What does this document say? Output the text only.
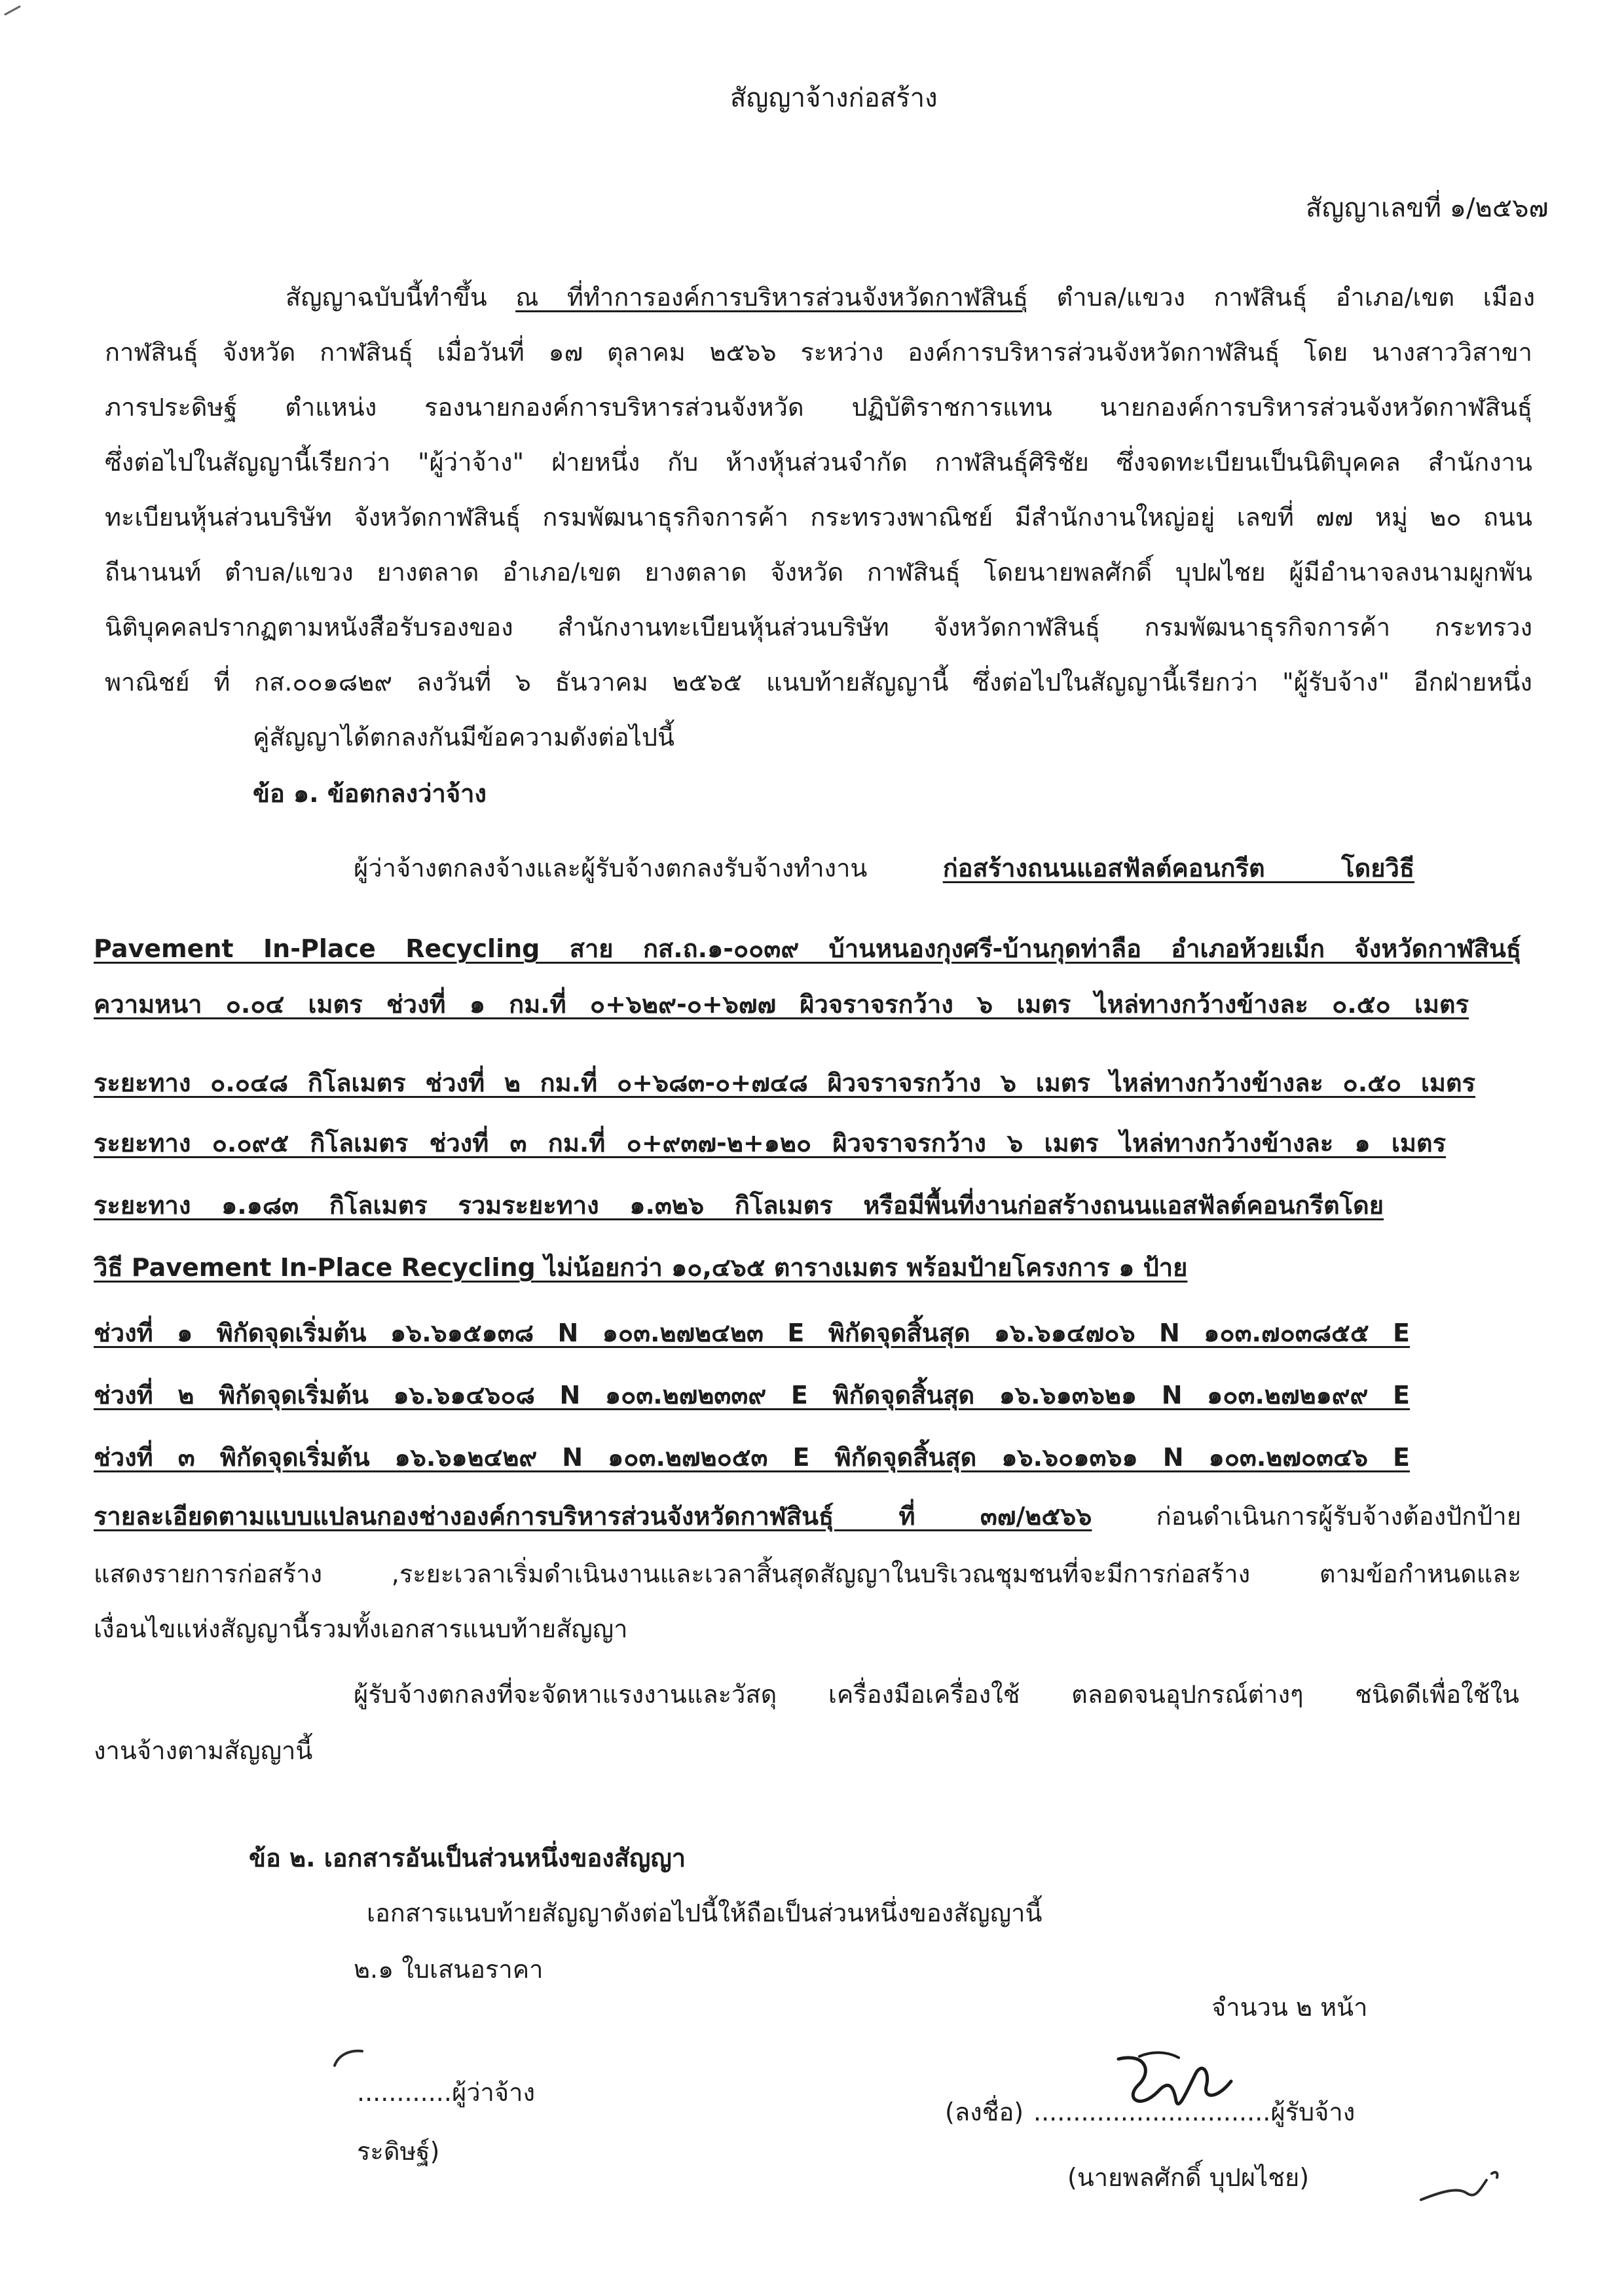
สัญญาจ้างก่อสร้าง
สัญญาเลขที่ ๑/๒๕๖๗
สัญญาฉบับนี้ทำขึ้น ณ ที่ทำการองค์การบริหารส่วนจังหวัดกาฬสินธุ์ ตำบล/แขวง กาฬสินธุ์ อำเภอ/เขต เมือง
กาฬสินธุ์ จังหวัด กาฬสินธุ์ เมื่อวันที่ ๑๗ ตุลาคม ๒๕๖๖ ระหว่าง องค์การบริหารส่วนจังหวัดกาฬสินธุ์ โดย นางสาววิสาขา
ภารประดิษฐ์ ตำแหน่ง รองนายกองค์การบริหารส่วนจังหวัด ปฏิบัติราชการแทน นายกองค์การบริหารส่วนจังหวัดกาฬสินธุ์
ซึ่งต่อไปในสัญญานี้เรียกว่า "ผู้ว่าจ้าง" ฝ่ายหนึ่ง กับ ห้างหุ้นส่วนจำกัด กาฬสินธุ์ศิริชัย ซึ่งจดทะเบียนเป็นนิติบุคคล สำนักงาน
ทะเบียนหุ้นส่วนบริษัท จังหวัดกาฬสินธุ์ กรมพัฒนาธุรกิจการค้า กระทรวงพาณิชย์ มีสำนักงานใหญ่อยู่ เลขที่ ๗๗ หมู่ ๒๐ ถนน
ถีนานนท์ ตำบล/แขวง ยางตลาด อำเภอ/เขต ยางตลาด จังหวัด กาฬสินธุ์ โดยนายพลศักดิ์ บุปผไชย ผู้มีอำนาจลงนามผูกพัน
นิติบุคคลปรากฏตามหนังสือรับรองของ สำนักงานทะเบียนหุ้นส่วนบริษัท จังหวัดกาฬสินธุ์ กรมพัฒนาธุรกิจการค้า กระทรวง
พาณิชย์ ที่ กส.๐๐๑๘๒๙ ลงวันที่ ๖ ธันวาคม ๒๕๖๕ แนบท้ายสัญญานี้ ซึ่งต่อไปในสัญญานี้เรียกว่า "ผู้รับจ้าง" อีกฝ่ายหนึ่ง
คู่สัญญาได้ตกลงกันมีข้อความดังต่อไปนี้
ข้อ ๑. ข้อตกลงว่าจ้าง
ผู้ว่าจ้างตกลงจ้างและผู้รับจ้างตกลงรับจ้างทำงาน ก่อสร้างถนนแอสฟัลต์คอนกรีต โดยวิธี
Pavement In-Place Recycling สาย กส.ถ.๑-๐๐๓๙ บ้านหนองกุงศรี-บ้านกุดท่าลือ อำเภอห้วยเม็ก จังหวัดกาฬสินธุ์
ความหนา ๐.๐๔ เมตร ช่วงที่ ๑ กม.ที่ ๐+๖๒๙-๐+๖๗๗ ผิวจราจรกว้าง ๖ เมตร ไหล่ทางกว้างข้างละ ๐.๕๐ เมตร
ระยะทาง ๐.๐๔๘ กิโลเมตร ช่วงที่ ๒ กม.ที่ ๐+๖๘๓-๐+๗๔๘ ผิวจราจรกว้าง ๖ เมตร ไหล่ทางกว้างข้างละ ๐.๕๐ เมตร
ระยะทาง ๐.๐๙๕ กิโลเมตร ช่วงที่ ๓ กม.ที่ ๐+๙๓๗-๒+๑๒๐ ผิวจราจรกว้าง ๖ เมตร ไหล่ทางกว้างข้างละ ๑ เมตร
ระยะทาง ๑.๑๘๓ กิโลเมตร รวมระยะทาง ๑.๓๒๖ กิโลเมตร หรือมีพื้นที่งานก่อสร้างถนนแอสฟัลต์คอนกรีตโดย
วิธี Pavement In-Place Recycling ไม่น้อยกว่า ๑๐,๔๖๕ ตารางเมตร พร้อมป้ายโครงการ ๑ ป้าย
ช่วงที่ ๑ พิกัดจุดเริ่มต้น ๑๖.๖๑๕๑๓๘ N ๑๐๓.๒๗๒๔๒๓ E พิกัดจุดสิ้นสุด ๑๖.๖๑๔๗๐๖ N ๑๐๓.๗๐๓๘๕๕ E
ช่วงที่ ๒ พิกัดจุดเริ่มต้น ๑๖.๖๑๔๖๐๘ N ๑๐๓.๒๗๒๓๓๙ E พิกัดจุดสิ้นสุด ๑๖.๖๑๓๖๒๑ N ๑๐๓.๒๗๒๑๙๙ E
ช่วงที่ ๓ พิกัดจุดเริ่มต้น ๑๖.๖๑๒๔๒๙ N ๑๐๓.๒๗๒๐๕๓ E พิกัดจุดสิ้นสุด ๑๖.๖๐๑๓๖๑ N ๑๐๓.๒๗๐๓๔๖ E
รายละเอียดตามแบบแปลนกองช่างองค์การบริหารส่วนจังหวัดกาฬสินธุ์ ที่ ๓๗/๒๕๖๖ ก่อนดำเนินการผู้รับจ้างต้องปักป้าย
แสดงรายการก่อสร้าง ,ระยะเวลาเริ่มดำเนินงานและเวลาสิ้นสุดสัญญาในบริเวณชุมชนที่จะมีการก่อสร้าง ตามข้อกำหนดและ
เงื่อนไขแห่งสัญญานี้รวมทั้งเอกสารแนบท้ายสัญญา
ผู้รับจ้างตกลงที่จะจัดหาแรงงานและวัสดุ เครื่องมือเครื่องใช้ ตลอดจนอุปกรณ์ต่างๆ ชนิดดีเพื่อใช้ใน
งานจ้างตามสัญญานี้
ข้อ ๒. เอกสารอันเป็นส่วนหนึ่งของสัญญา
เอกสารแนบท้ายสัญญาดังต่อไปนี้ให้ถือเป็นส่วนหนึ่งของสัญญานี้
๒.๑ ใบเสนอราคา
จำนวน ๒ หน้า
............ผู้ว่าจ้าง
ระดิษฐ์)
(ลงชื่อ) ..............................ผู้รับจ้าง
(นายพลศักดิ์ บุปผไชย)
